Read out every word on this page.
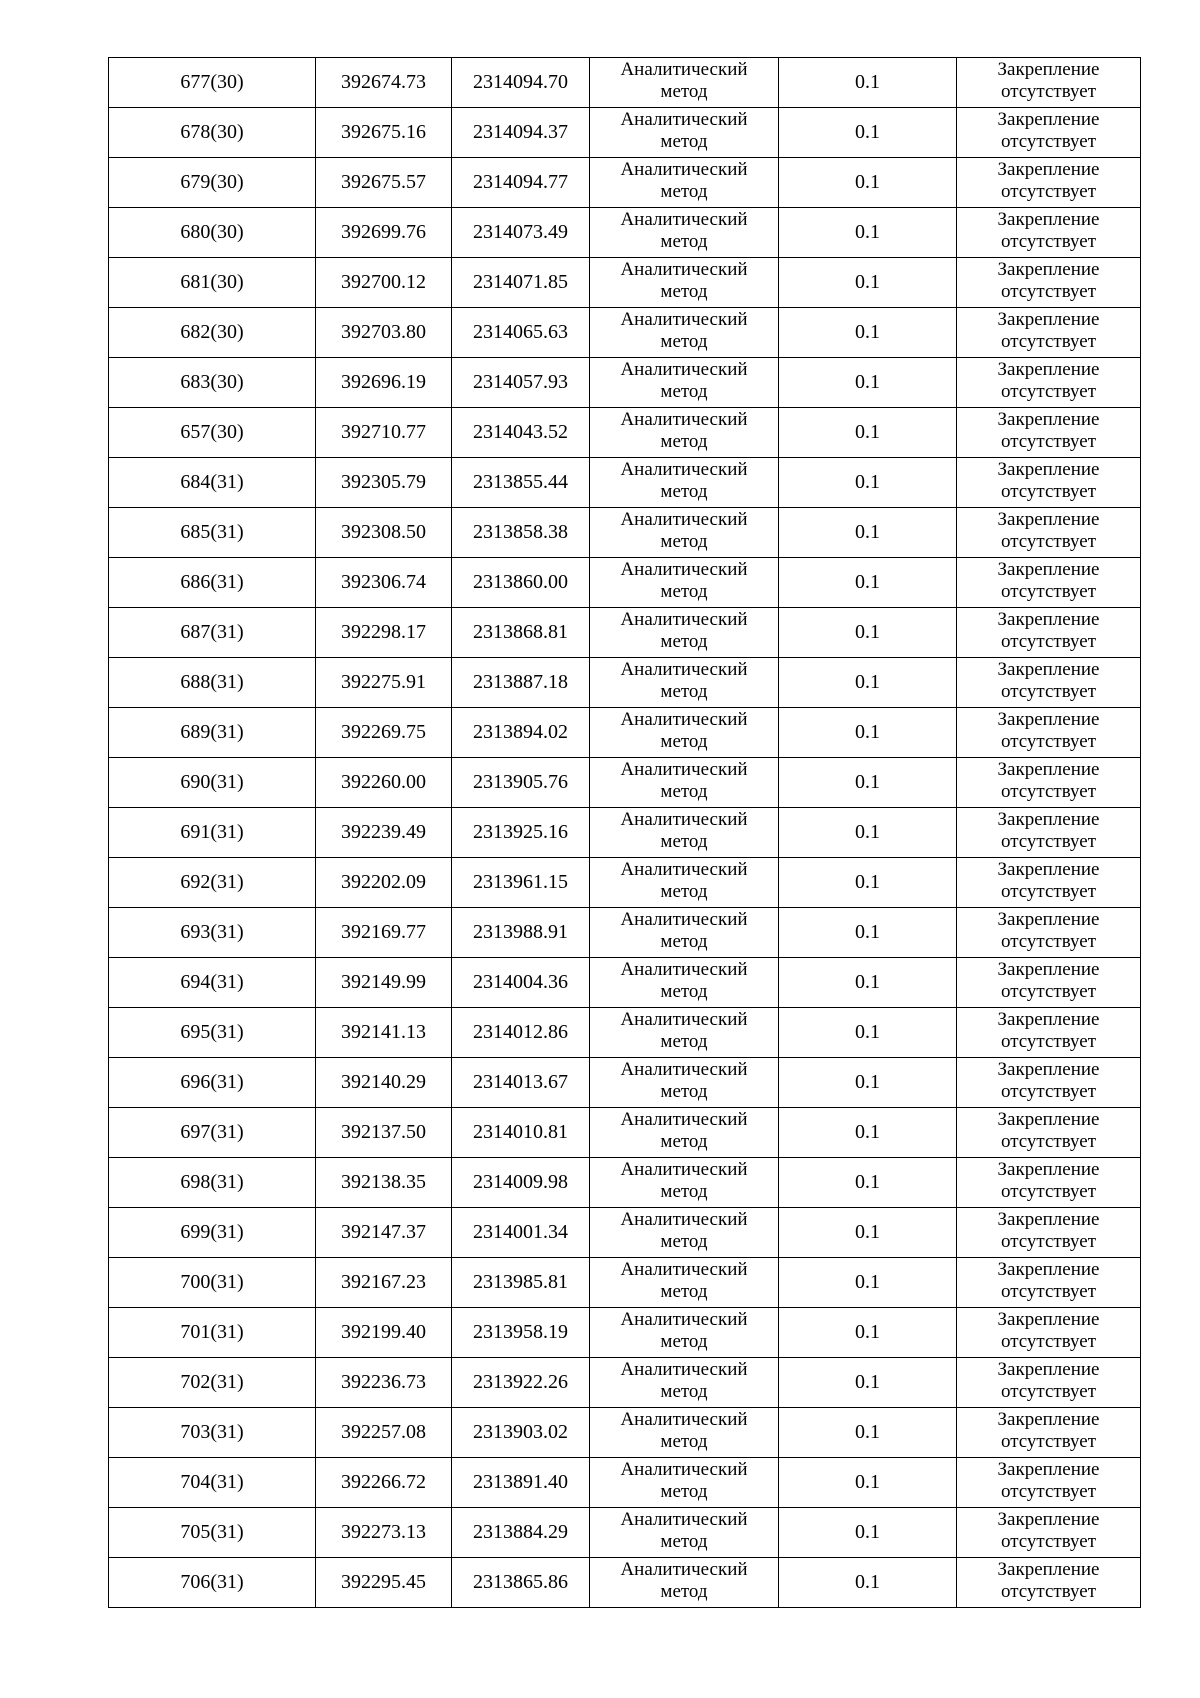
677(30)	392674.73	2314094.70	Аналитический
метод	0.1	Закрепление
отсутствует

678(30)	392675.16	2314094.37	Аналитический
метод	0.1	Закрепление
отсутствует

679(30)	392675.57	2314094.77	Аналитический
метод	0.1	Закрепление
отсутствует

680(30)	392699.76	2314073.49	Аналитический
метод	0.1	Закрепление
отсутствует

681(30)	392700.12	2314071.85	Аналитический
метод	0.1	Закрепление
отсутствует

682(30)	392703.80	2314065.63	Аналитический
метод	0.1	Закрепление
отсутствует

683(30)	392696.19	2314057.93	Аналитический
метод	0.1	Закрепление
отсутствует

657(30)	392710.77	2314043.52	Аналитический
метод	0.1	Закрепление
отсутствует

684(31)	392305.79	2313855.44	Аналитический
метод	0.1	Закрепление
отсутствует

685(31)	392308.50	2313858.38	Аналитический
метод	0.1	Закрепление
отсутствует

686(31)	392306.74	2313860.00	Аналитический
метод	0.1	Закрепление
отсутствует

687(31)	392298.17	2313868.81	Аналитический
метод	0.1	Закрепление
отсутствует

688(31)	392275.91	2313887.18	Аналитический
метод	0.1	Закрепление
отсутствует

689(31)	392269.75	2313894.02	Аналитический
метод	0.1	Закрепление
отсутствует

690(31)	392260.00	2313905.76	Аналитический
метод	0.1	Закрепление
отсутствует

691(31)	392239.49	2313925.16	Аналитический
метод	0.1	Закрепление
отсутствует

692(31)	392202.09	2313961.15	Аналитический
метод	0.1	Закрепление
отсутствует

693(31)	392169.77	2313988.91	Аналитический
метод	0.1	Закрепление
отсутствует

694(31)	392149.99	2314004.36	Аналитический
метод	0.1	Закрепление
отсутствует

695(31)	392141.13	2314012.86	Аналитический
метод	0.1	Закрепление
отсутствует

696(31)	392140.29	2314013.67	Аналитический
метод	0.1	Закрепление
отсутствует

697(31)	392137.50	2314010.81	Аналитический
метод	0.1	Закрепление
отсутствует

698(31)	392138.35	2314009.98	Аналитический
метод	0.1	Закрепление
отсутствует

699(31)	392147.37	2314001.34	Аналитический
метод	0.1	Закрепление
отсутствует

700(31)	392167.23	2313985.81	Аналитический
метод	0.1	Закрепление
отсутствует

701(31)	392199.40	2313958.19	Аналитический
метод	0.1	Закрепление
отсутствует

702(31)	392236.73	2313922.26	Аналитический
метод	0.1	Закрепление
отсутствует

703(31)	392257.08	2313903.02	Аналитический
метод	0.1	Закрепление
отсутствует

704(31)	392266.72	2313891.40	Аналитический
метод	0.1	Закрепление
отсутствует

705(31)	392273.13	2313884.29	Аналитический
метод	0.1	Закрепление
отсутствует

706(31)	392295.45	2313865.86	Аналитический
метод	0.1	Закрепление
отсутствует
